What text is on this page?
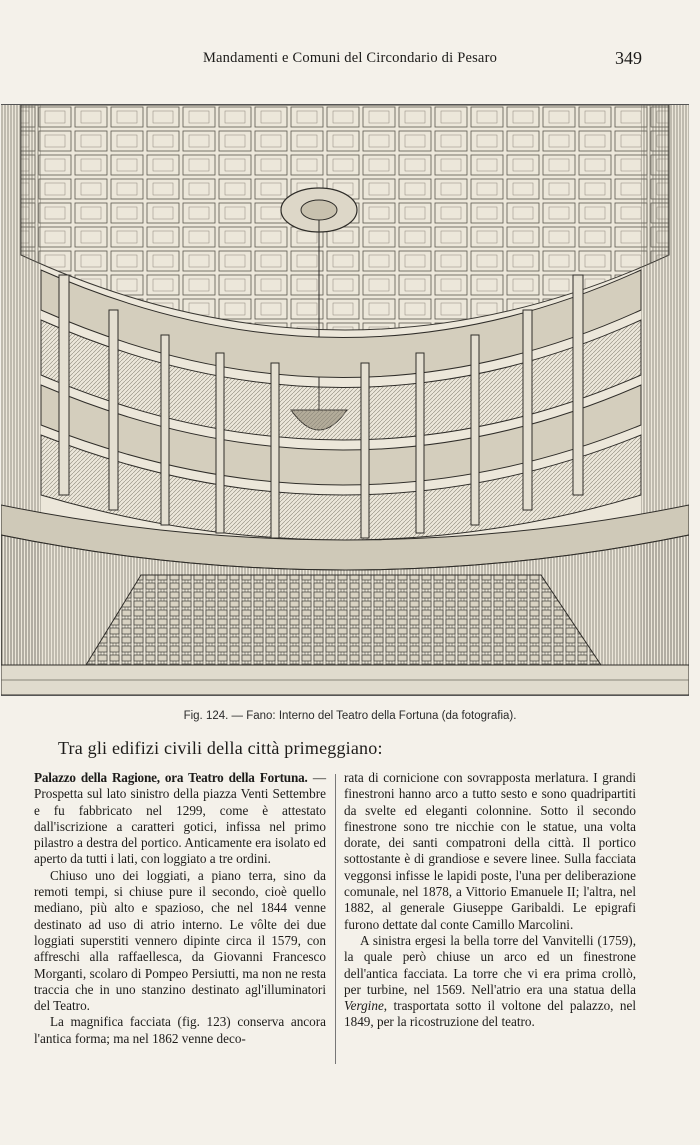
Mandamenti e Comuni del Circondario di Pesaro	349
Fig. 124. — Fano: Interno del Teatro della Fortuna (da fotografia).
Tra gli edifizi civili della città primeggiano:

Palazzo della Ragione, ora Teatro della Fortuna. — Prospetta sul lato sinistro della piazza Venti Settembre e fu fabbricato nel 1299, come è attestato dall'iscrizione a caratteri gotici, infissa nel primo pilastro a destra del portico. Anticamente era isolato ed aperto da tutti i lati, con loggiato a tre ordini.

Chiuso uno dei loggiati, a piano terra, sino da remoti tempi, si chiuse pure il secondo, cioè quello mediano, più alto e spazioso, che nel 1844 venne destinato ad uso di atrio interno. Le vôlte dei due loggiati superstiti vennero dipinte circa il 1579, con affreschi alla raffaellesca, da Giovanni Francesco Morganti, scolaro di Pompeo Persiutti, ma non ne resta traccia che in uno stanzino destinato agl'illuminatori del Teatro.

La magnifica facciata (fig. 123) conserva ancora l'antica forma; ma nel 1862 venne deco-

rata di cornicione con sovrapposta merlatura. I grandi finestroni hanno arco a tutto sesto e sono quadripartiti da svelte ed eleganti colonnine. Sotto il secondo finestrone sono tre nicchie con le statue, una volta dorate, dei santi compatroni della città. Il portico sottostante è di grandiose e severe linee. Sulla facciata veggonsi infisse le lapidi poste, l'una per deliberazione comunale, nel 1878, a Vittorio Emanuele II; l'altra, nel 1882, al generale Giuseppe Garibaldi. Le epigrafi furono dettate dal conte Camillo Marcolini.

A sinistra ergesi la bella torre del Vanvitelli (1759), la quale però chiuse un arco ed un finestrone dell'antica facciata. La torre che vi era prima crollò, per turbine, nel 1569. Nell'atrio era una statua della Vergine, trasportata sotto il voltone del palazzo, nel 1849, per la ricostruzione del teatro.
